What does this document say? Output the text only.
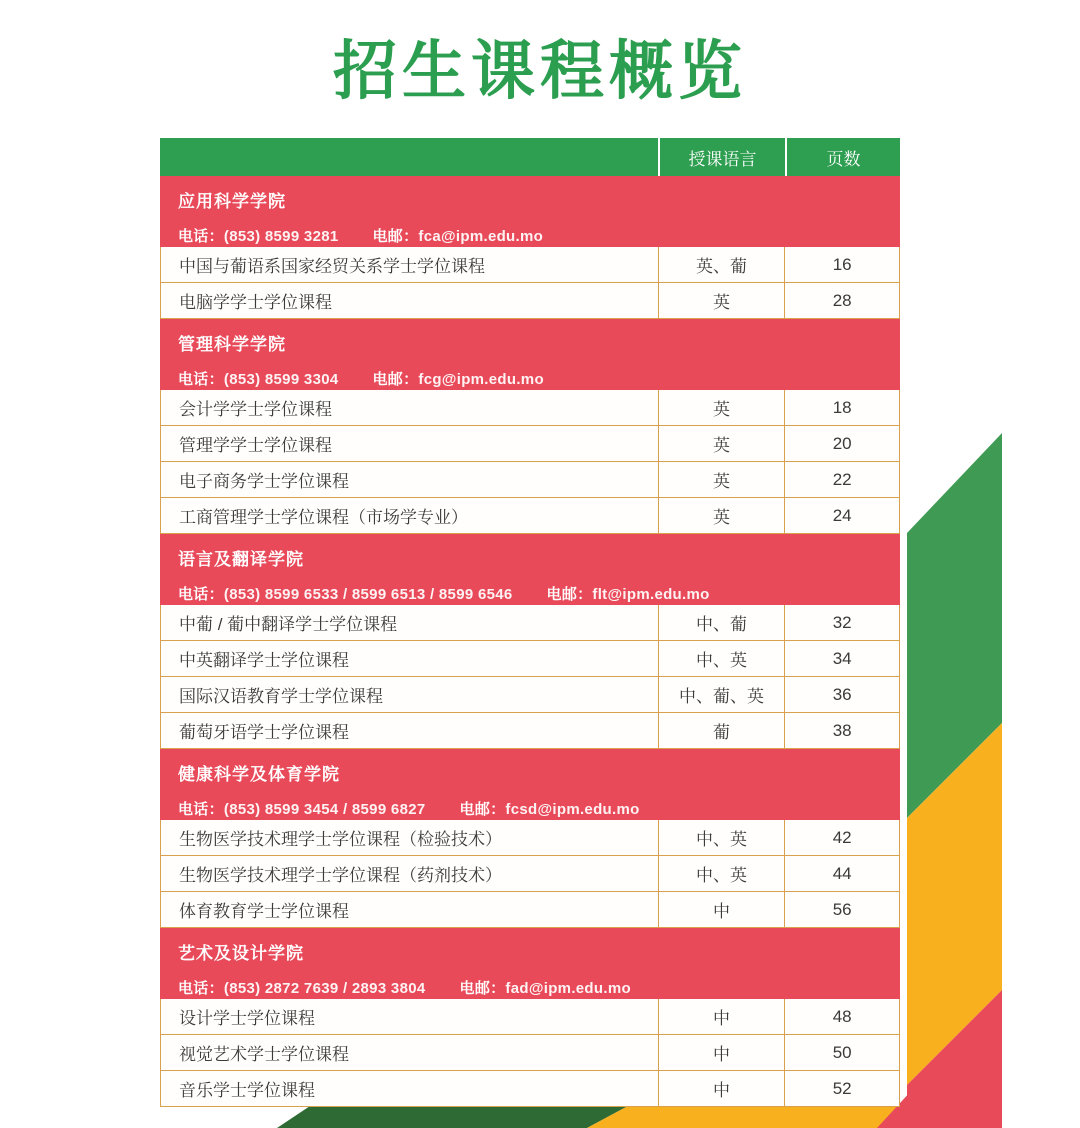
招生课程概览
授课语言	页数
应用科学学院
电话：(853) 8599 3281 电邮：fca@ipm.edu.mo
中国与葡语系国家经贸关系学士学位课程	英、葡	16
电脑学学士学位课程	英	28
管理科学学院
电话：(853) 8599 3304 电邮：fcg@ipm.edu.mo
会计学学士学位课程	英	18
管理学学士学位课程	英	20
电子商务学士学位课程	英	22
工商管理学士学位课程（市场学专业）	英	24
语言及翻译学院
电话：(853) 8599 6533 / 8599 6513 / 8599 6546 电邮：flt@ipm.edu.mo
中葡 / 葡中翻译学士学位课程	中、葡	32
中英翻译学士学位课程	中、英	34
国际汉语教育学士学位课程	中、葡、英	36
葡萄牙语学士学位课程	葡	38
健康科学及体育学院
电话：(853) 8599 3454 / 8599 6827 电邮：fcsd@ipm.edu.mo
生物医学技术理学士学位课程（检验技术）	中、英	42
生物医学技术理学士学位课程（药剂技术）	中、英	44
体育教育学士学位课程	中	56
艺术及设计学院
电话：(853) 2872 7639 / 2893 3804 电邮：fad@ipm.edu.mo
设计学士学位课程	中	48
视觉艺术学士学位课程	中	50
音乐学士学位课程	中	52
